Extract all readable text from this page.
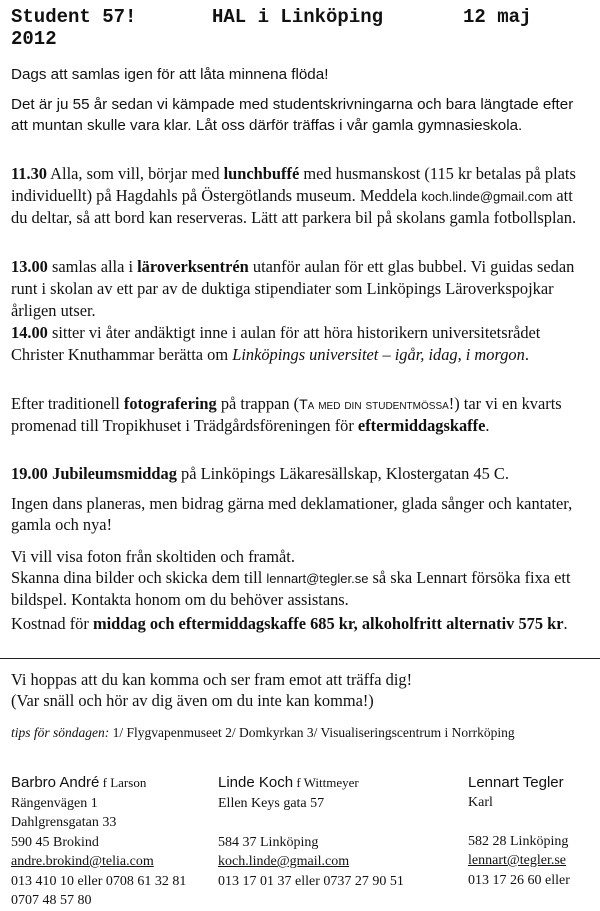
Student 57!
2012
HAL i Linköping	12 maj

Dags att samlas igen för att låta minnena flöda!

Det är ju 55 år sedan vi kämpade med studentskrivningarna och bara längtade efter att muntan skulle vara klar. Låt oss därför träffas i vår gamla gymnasieskola.

11.30 Alla, som vill, börjar med lunchbuffé med husmanskost (115 kr betalas på plats individuellt) på Hagdahls på Östergötlands museum. Meddela koch.linde@gmail.com att du deltar, så att bord kan reserveras. Lätt att parkera bil på skolans gamla fotbollsplan.

13.00 samlas alla i läroverksentrén utanför aulan för ett glas bubbel. Vi guidas sedan runt i skolan av ett par av de duktiga stipendiater som Linköpings Läroverkspojkar årligen utser.

14.00 sitter vi åter andäktigt inne i aulan för att höra historikern universitetsrådet Christer Knuthammar berätta om Linköpings universitet – igår, idag, i morgon.

Efter traditionell fotografering på trappan (Ta med din studentmössa!) tar vi en kvarts promenad till Tropikhuset i Trädgårdsföreningen för eftermiddagskaffe.

19.00 Jubileumsmiddag på Linköpings Läkaresällskap, Klostergatan 45 C.

Ingen dans planeras, men bidrag gärna med deklamationer, glada sånger och kantater, gamla och nya!

Vi vill visa foton från skoltiden och framåt.

Skanna dina bilder och skicka dem till lennart@tegler.se så ska Lennart försöka fixa ett bildspel. Kontakta honom om du behöver assistans.

Kostnad för middag och eftermiddagskaffe 685 kr, alkoholfritt alternativ 575 kr.

Vi hoppas att du kan komma och ser fram emot att träffa dig!

(Var snäll och hör av dig även om du inte kan komma!)

tips för söndagen: 1/ Flygvapenmuseet 2/ Domkyrkan 3/ Visualiseringscentrum i Norrköping
Barbro André f Larson
Rängenvägen 1
Dahlgrensgatan 33
590 45 Brokind
andre.brokind@telia.com
013 410 10 eller 0708 61 32 81
0707 48 57 80
Linde Koch f Wittmeyer
Ellen Keys gata 57
584 37 Linköping
koch.linde@gmail.com
013 17 01 37 eller 0737 27 90 51
Lennart Tegler
Karl
582 28 Linköping
lennart@tegler.se
013 17 26 60 eller
